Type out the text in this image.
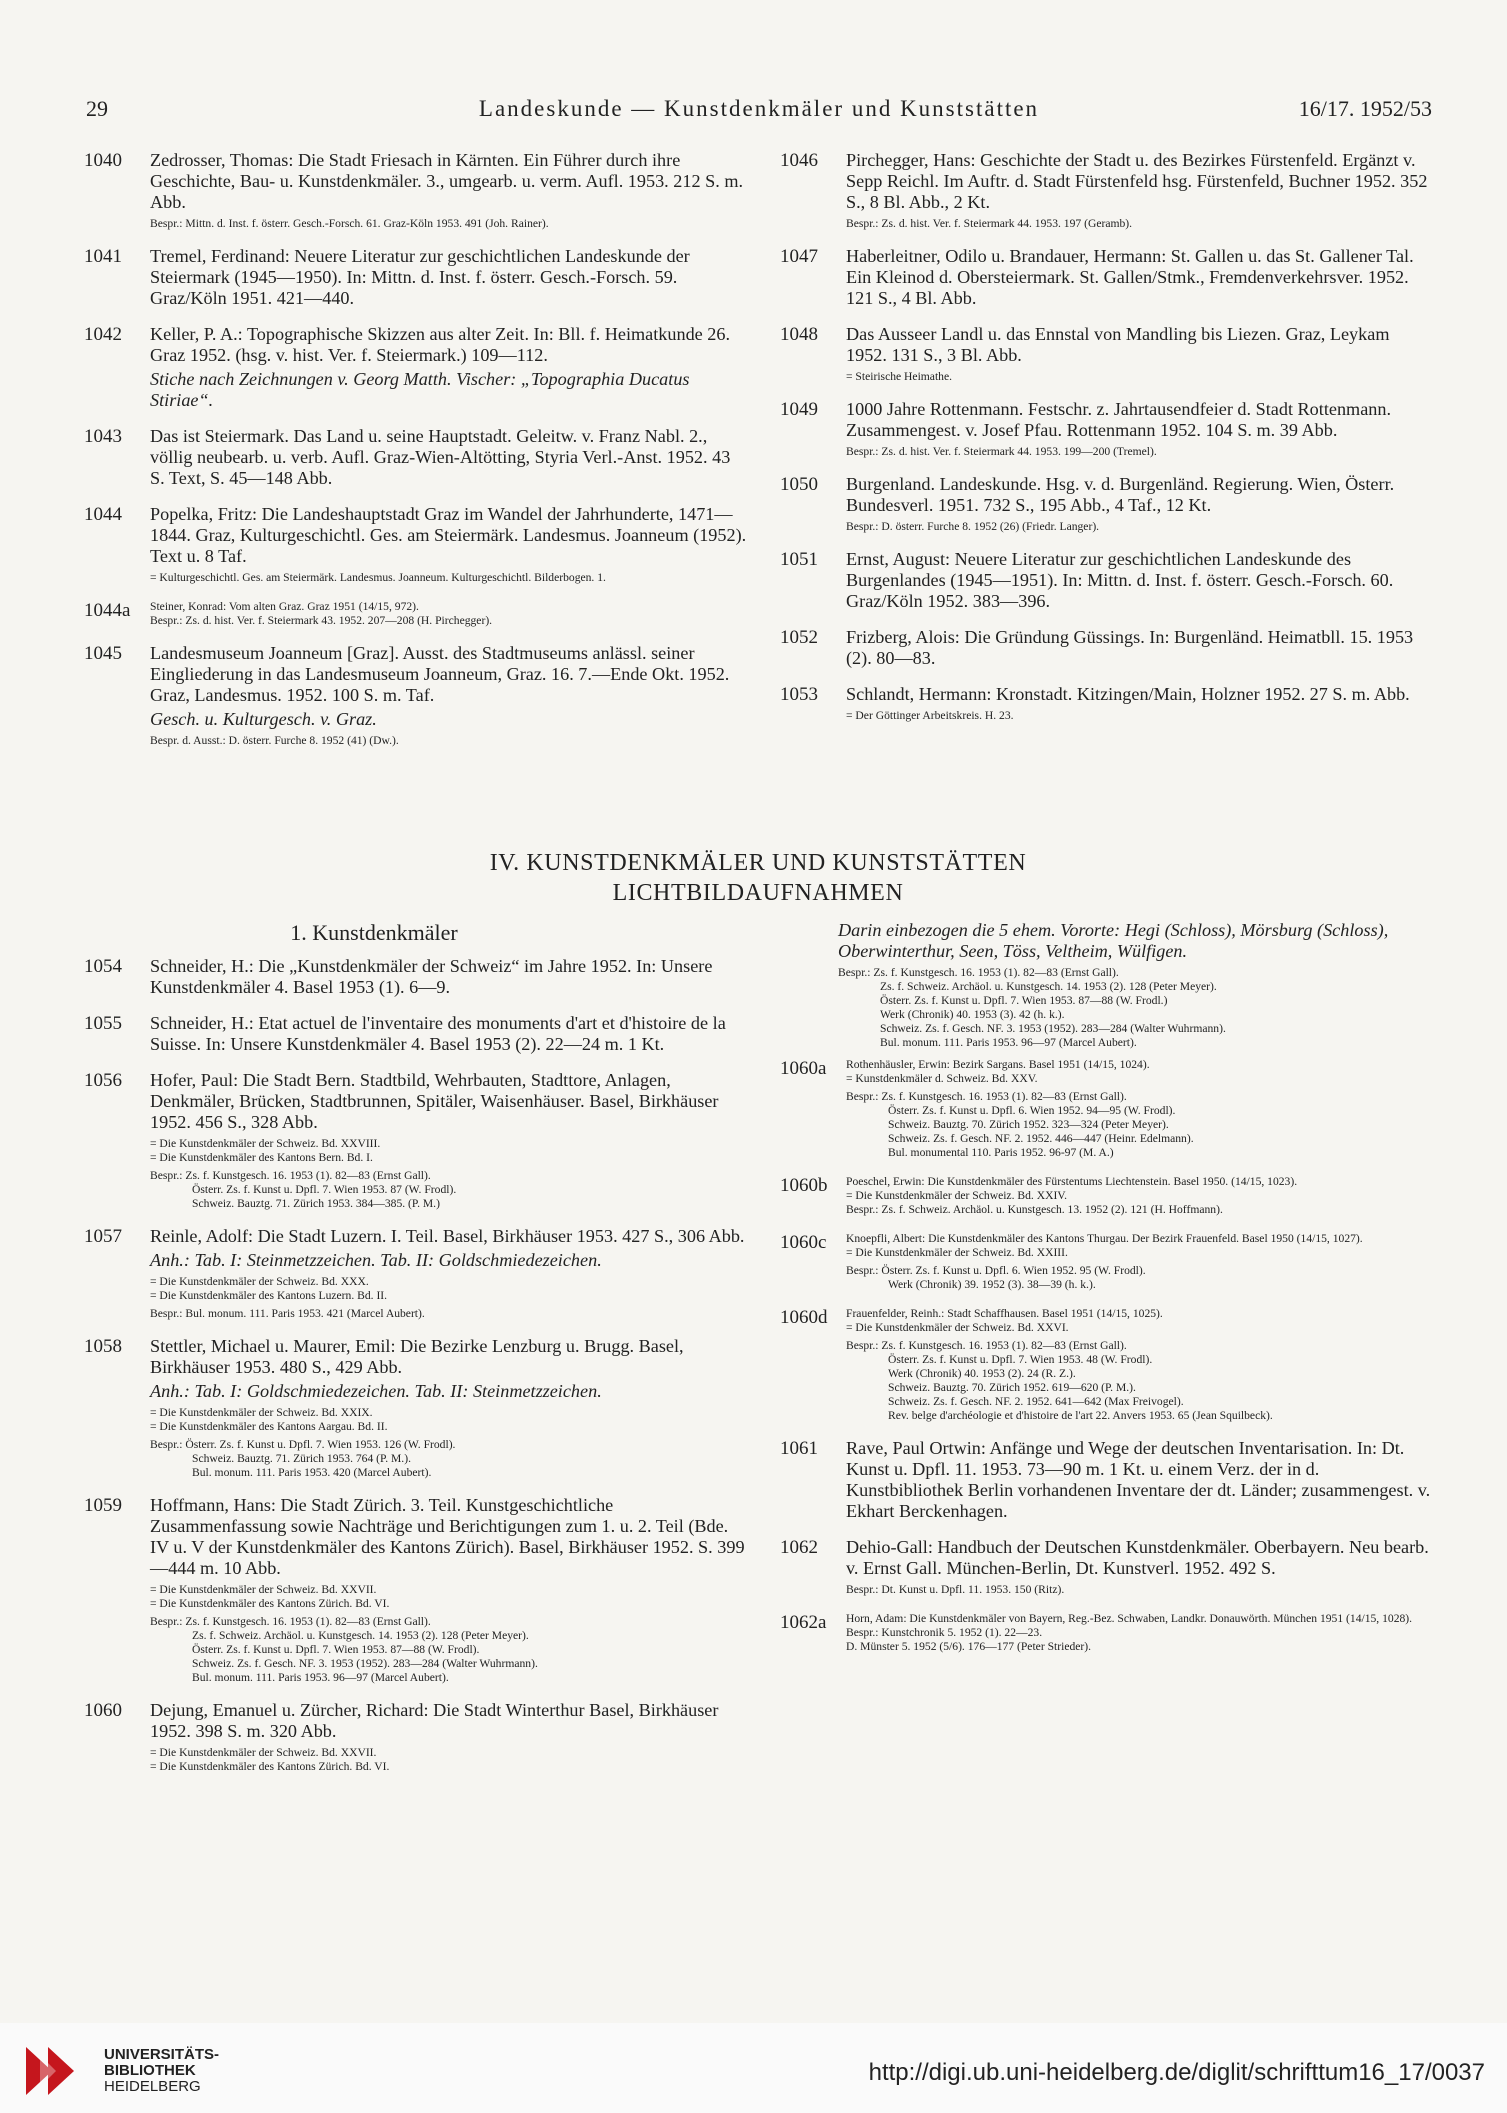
29	Landeskunde — Kunstdenkmäler und Kunststätten	16/17. 1952/53
1040 Zedrosser, Thomas: Die Stadt Friesach in Kärnten. Ein Führer durch ihre Geschichte, Bau- u. Kunstdenkmäler. 3., umgearb. u. verm. Aufl. 1953. 212 S. m. Abb.
Bespr.: Mittn. d. Inst. f. österr. Gesch.-Forsch. 61. Graz-Köln 1953. 491 (Joh. Rainer).
1041 Tremel, Ferdinand: Neuere Literatur zur geschichtlichen Landeskunde der Steiermark (1945—1950). In: Mittn. d. Inst. f. österr. Gesch.-Forsch. 59. Graz/Köln 1951. 421—440.
1042 Keller, P. A.: Topographische Skizzen aus alter Zeit. In: Bll. f. Heimatkunde 26. Graz 1952. (hsg. v. hist. Ver. f. Steiermark.) 109—112.
Stiche nach Zeichnungen v. Georg Matth. Vischer: „Topographia Ducatus Stiriae“.
1043 Das ist Steiermark. Das Land u. seine Hauptstadt. Geleitw. v. Franz Nabl. 2., völlig neubearb. u. verb. Aufl. Graz-Wien-Altötting, Styria Verl.-Anst. 1952. 43 S. Text, S. 45—148 Abb.
1044 Popelka, Fritz: Die Landeshauptstadt Graz im Wandel der Jahrhunderte, 1471—1844. Graz, Kulturgeschichtl. Ges. am Steiermärk. Landesmus. Joanneum (1952). Text u. 8 Taf.
= Kulturgeschichtl. Ges. am Steiermärk. Landesmus. Joanneum. Kulturgeschichtl. Bilderbogen. 1.
1044a Steiner, Konrad: Vom alten Graz. Graz 1951 (14/15, 972).
Bespr.: Zs. d. hist. Ver. f. Steiermark 43. 1952. 207—208 (H. Pirchegger).
1045 Landesmuseum Joanneum [Graz]. Ausst. des Stadtmuseums anlässl. seiner Eingliederung in das Landesmuseum Joanneum, Graz. 16. 7.—Ende Okt. 1952. Graz, Landesmus. 1952. 100 S. m. Taf.
Gesch. u. Kulturgesch. v. Graz.
Bespr. d. Ausst.: D. österr. Furche 8. 1952 (41) (Dw.).
1046 Pirchegger, Hans: Geschichte der Stadt u. des Bezirkes Fürstenfeld. Ergänzt v. Sepp Reichl. Im Auftr. d. Stadt Fürstenfeld hsg. Fürstenfeld, Buchner 1952. 352 S., 8 Bl. Abb., 2 Kt.
Bespr.: Zs. d. hist. Ver. f. Steiermark 44. 1953. 197 (Geramb).
1047 Haberleitner, Odilo u. Brandauer, Hermann: St. Gallen u. das St. Gallener Tal. Ein Kleinod d. Obersteiermark. St. Gallen/Stmk., Fremdenverkehrsver. 1952. 121 S., 4 Bl. Abb.
1048 Das Ausseer Landl u. das Ennstal von Mandling bis Liezen. Graz, Leykam 1952. 131 S., 3 Bl. Abb.
= Steirische Heimathe.
1049 1000 Jahre Rottenmann. Festschr. z. Jahrtausendfeier d. Stadt Rottenmann. Zusammengest. v. Josef Pfau. Rottenmann 1952. 104 S. m. 39 Abb.
Bespr.: Zs. d. hist. Ver. f. Steiermark 44. 1953. 199—200 (Tremel).
1050 Burgenland. Landeskunde. Hsg. v. d. Burgenländ. Regierung. Wien, Österr. Bundesverl. 1951. 732 S., 195 Abb., 4 Taf., 12 Kt.
Bespr.: D. österr. Furche 8. 1952 (26) (Friedr. Langer).
1051 Ernst, August: Neuere Literatur zur geschichtlichen Landeskunde des Burgenlandes (1945—1951). In: Mittn. d. Inst. f. österr. Gesch.-Forsch. 60. Graz/Köln 1952. 383—396.
1052 Frizberg, Alois: Die Gründung Güssings. In: Burgenländ. Heimatbll. 15. 1953 (2). 80—83.
1053 Schlandt, Hermann: Kronstadt. Kitzingen/Main, Holzner 1952. 27 S. m. Abb.
= Der Göttinger Arbeitskreis. H. 23.
IV. KUNSTDENKMÄLER UND KUNSTSTÄTTEN
LICHTBILDAUFNAHMEN
1. Kunstdenkmäler
1054 Schneider, H.: Die „Kunstdenkmäler der Schweiz“ im Jahre 1952. In: Unsere Kunstdenkmäler 4. Basel 1953 (1). 6—9.
1055 Schneider, H.: Etat actuel de l'inventaire des monuments d'art et d'histoire de la Suisse. In: Unsere Kunstdenkmäler 4. Basel 1953 (2). 22—24 m. 1 Kt.
1056 Hofer, Paul: Die Stadt Bern. Stadtbild, Wehrbauten, Stadttore, Anlagen, Denkmäler, Brücken, Stadtbrunnen, Spitäler, Waisenhäuser. Basel, Birkhäuser 1952. 456 S., 328 Abb.
= Die Kunstdenkmäler der Schweiz. Bd. XXVIII.
= Die Kunstdenkmäler des Kantons Bern. Bd. I.
Bespr.: Zs. f. Kunstgesch. 16. 1953 (1). 82—83 (Ernst Gall).
Österr. Zs. f. Kunst u. Dpfl. 7. Wien 1953. 87 (W. Frodl).
Schweiz. Bauztg. 71. Zürich 1953. 384—385. (P. M.)
1057 Reinle, Adolf: Die Stadt Luzern. I. Teil. Basel, Birkhäuser 1953. 427 S., 306 Abb.
Anh.: Tab. I: Steinmetzzeichen. Tab. II: Goldschmiedezeichen.
= Die Kunstdenkmäler der Schweiz. Bd. XXX.
= Die Kunstdenkmäler des Kantons Luzern. Bd. II.
Bespr.: Bul. monum. 111. Paris 1953. 421 (Marcel Aubert).
1058 Stettler, Michael u. Maurer, Emil: Die Bezirke Lenzburg u. Brugg. Basel, Birkhäuser 1953. 480 S., 429 Abb.
Anh.: Tab. I: Goldschmiedezeichen. Tab. II: Steinmetzzeichen.
= Die Kunstdenkmäler der Schweiz. Bd. XXIX.
= Die Kunstdenkmäler des Kantons Aargau. Bd. II.
Bespr.: Österr. Zs. f. Kunst u. Dpfl. 7. Wien 1953. 126 (W. Frodl).
Schweiz. Bauztg. 71. Zürich 1953. 764 (P. M.).
Bul. monum. 111. Paris 1953. 420 (Marcel Aubert).
1059 Hoffmann, Hans: Die Stadt Zürich. 3. Teil. Kunstgeschichtliche Zusammenfassung sowie Nachträge und Berichtigungen zum 1. u. 2. Teil (Bde. IV u. V der Kunstdenkmäler des Kantons Zürich). Basel, Birkhäuser 1952. S. 399—444 m. 10 Abb.
= Die Kunstdenkmäler der Schweiz. Bd. XXVII.
= Die Kunstdenkmäler des Kantons Zürich. Bd. VI.
Bespr.: Zs. f. Kunstgesch. 16. 1953 (1). 82—83 (Ernst Gall).
Zs. f. Schweiz. Archäol. u. Kunstgesch. 14. 1953 (2). 128 (Peter Meyer).
Österr. Zs. f. Kunst u. Dpfl. 7. Wien 1953. 87—88 (W. Frodl).
Schweiz. Zs. f. Gesch. NF. 3. 1953 (1952). 283—284 (Walter Wuhrmann).
Bul. monum. 111. Paris 1953. 96—97 (Marcel Aubert).
1060 Dejung, Emanuel u. Zürcher, Richard: Die Stadt Winterthur Basel, Birkhäuser 1952. 398 S. m. 320 Abb.
= Die Kunstdenkmäler der Schweiz. Bd. XXVII.
= Die Kunstdenkmäler des Kantons Zürich. Bd. VI.
Darin einbezogen die 5 ehem. Vororte: Hegi (Schloss), Mörsburg (Schloss), Oberwinterthur, Seen, Töss, Veltheim, Wülfigen.
Bespr.: Zs. f. Kunstgesch. 16. 1953 (1). 82—83 (Ernst Gall).
Zs. f. Schweiz. Archäol. u. Kunstgesch. 14. 1953 (2). 128 (Peter Meyer).
Österr. Zs. f. Kunst u. Dpfl. 7. Wien 1953. 87—88 (W. Frodl.)
Werk (Chronik) 40. 1953 (3). 42 (h. k.).
Schweiz. Zs. f. Gesch. NF. 3. 1953 (1952). 283—284 (Walter Wuhrmann).
Bul. monum. 111. Paris 1953. 96—97 (Marcel Aubert).
1060a Rothenhäusler, Erwin: Bezirk Sargans. Basel 1951 (14/15, 1024).
= Kunstdenkmäler d. Schweiz. Bd. XXV.
Bespr.: Zs. f. Kunstgesch. 16. 1953 (1). 82—83 (Ernst Gall).
Österr. Zs. f. Kunst u. Dpfl. 6. Wien 1952. 94—95 (W. Frodl).
Schweiz. Bauztg. 70. Zürich 1952. 323—324 (Peter Meyer).
Schweiz. Zs. f. Gesch. NF. 2. 1952. 446—447 (Heinr. Edelmann).
Bul. monumental 110. Paris 1952. 96-97 (M. A.)
1060b Poeschel, Erwin: Die Kunstdenkmäler des Fürstentums Liechtenstein. Basel 1950. (14/15, 1023).
= Die Kunstdenkmäler der Schweiz. Bd. XXIV.
Bespr.: Zs. f. Schweiz. Archäol. u. Kunstgesch. 13. 1952 (2). 121 (H. Hoffmann).
1060c Knoepfli, Albert: Die Kunstdenkmäler des Kantons Thurgau. Der Bezirk Frauenfeld. Basel 1950 (14/15, 1027).
= Die Kunstdenkmäler der Schweiz. Bd. XXIII.
Bespr.: Österr. Zs. f. Kunst u. Dpfl. 6. Wien 1952. 95 (W. Frodl).
Werk (Chronik) 39. 1952 (3). 38—39 (h. k.).
1060d Frauenfelder, Reinh.: Stadt Schaffhausen. Basel 1951 (14/15, 1025).
= Die Kunstdenkmäler der Schweiz. Bd. XXVI.
Bespr.: Zs. f. Kunstgesch. 16. 1953 (1). 82—83 (Ernst Gall).
Österr. Zs. f. Kunst u. Dpfl. 7. Wien 1953. 48 (W. Frodl).
Werk (Chronik) 40. 1953 (2). 24 (R. Z.).
Schweiz. Bauztg. 70. Zürich 1952. 619—620 (P. M.).
Schweiz. Zs. f. Gesch. NF. 2. 1952. 641—642 (Max Freivogel).
Rev. belge d'archéologie et d'histoire de l'art 22. Anvers 1953. 65 (Jean Squilbeck).
1061 Rave, Paul Ortwin: Anfänge und Wege der deutschen Inventarisation. In: Dt. Kunst u. Dpfl. 11. 1953. 73—90 m. 1 Kt. u. einem Verz. der in d. Kunstbibliothek Berlin vorhandenen Inventare der dt. Länder; zusammengest. v. Ekhart Berckenhagen.
1062 Dehio-Gall: Handbuch der Deutschen Kunstdenkmäler. Oberbayern. Neu bearb. v. Ernst Gall. München-Berlin, Dt. Kunstverl. 1952. 492 S.
Bespr.: Dt. Kunst u. Dpfl. 11. 1953. 150 (Ritz).
1062a Horn, Adam: Die Kunstdenkmäler von Bayern, Reg.-Bez. Schwaben, Landkr. Donauwörth. München 1951 (14/15, 1028).
Bespr.: Kunstchronik 5. 1952 (1). 22—23.
D. Münster 5. 1952 (5/6). 176—177 (Peter Strieder).
UNIVERSITÄTS-
BIBLIOTHEK
HEIDELBERG
http://digi.ub.uni-heidelberg.de/diglit/schrifttum16_17/0037
